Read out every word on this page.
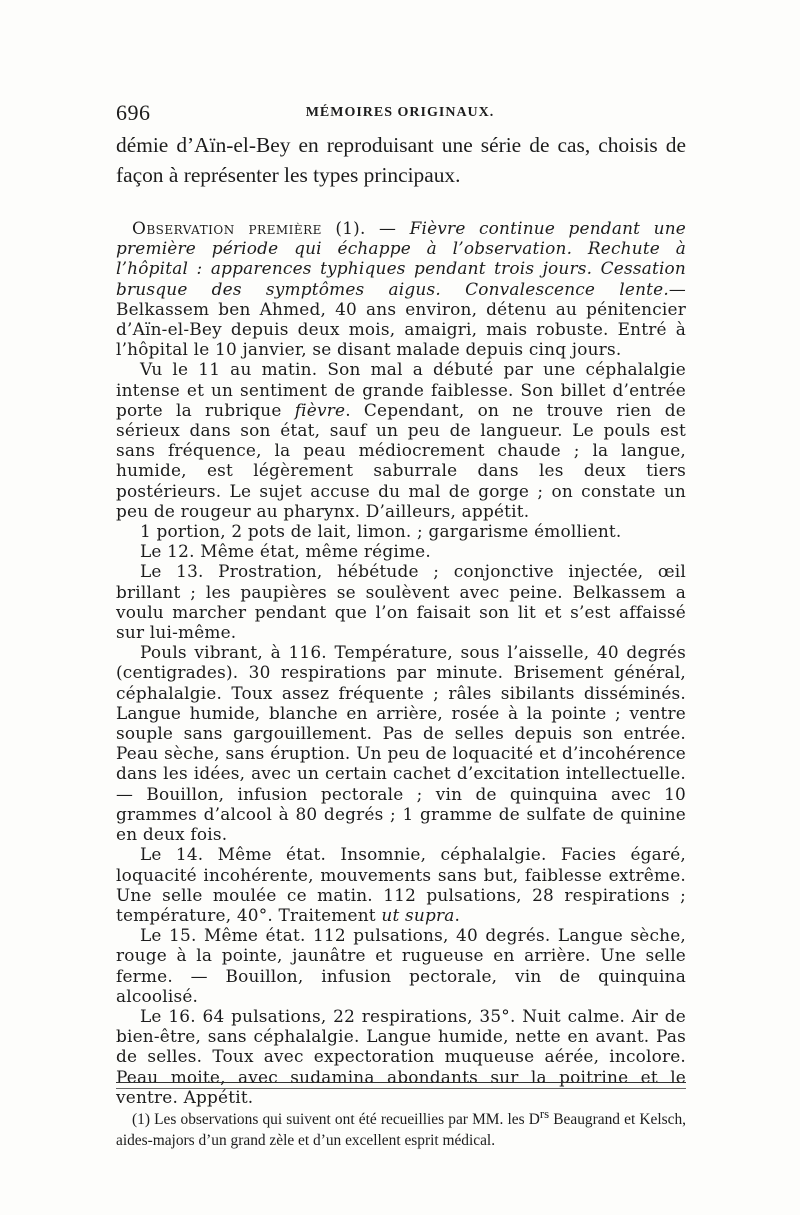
696	MÉMOIRES ORIGINAUX.

démie d’Aïn-el-Bey en reproduisant une série de cas, choisis de façon à représenter les types principaux.

Observation première (1). — Fièvre continue pendant une première période qui échappe à l’observation. Rechute à l’hôpital : apparences typhiques pendant trois jours. Cessation brusque des symptômes aigus. Convalescence lente.— Belkassem ben Ahmed, 40 ans environ, détenu au pénitencier d’Aïn-el-Bey depuis deux mois, amaigri, mais robuste. Entré à l’hôpital le 10 janvier, se disant malade depuis cinq jours.

Vu le 11 au matin. Son mal a débuté par une céphalalgie intense et un sentiment de grande faiblesse. Son billet d’entrée porte la rubrique fièvre. Cependant, on ne trouve rien de sérieux dans son état, sauf un peu de langueur. Le pouls est sans fréquence, la peau médiocrement chaude ; la langue, humide, est légèrement saburrale dans les deux tiers postérieurs. Le sujet accuse du mal de gorge ; on constate un peu de rougeur au pharynx. D’ailleurs, appétit.

1 portion, 2 pots de lait, limon. ; gargarisme émollient.

Le 12. Même état, même régime.

Le 13. Prostration, hébétude ; conjonctive injectée, œil brillant ; les paupières se soulèvent avec peine. Belkassem a voulu marcher pendant que l’on faisait son lit et s’est affaissé sur lui-même.

Pouls vibrant, à 116. Température, sous l’aisselle, 40 degrés (centigrades). 30 respirations par minute. Brisement général, céphalalgie. Toux assez fréquente ; râles sibilants disséminés. Langue humide, blanche en arrière, rosée à la pointe ; ventre souple sans gargouillement. Pas de selles depuis son entrée. Peau sèche, sans éruption. Un peu de loquacité et d’incohérence dans les idées, avec un certain cachet d’excitation intellectuelle. — Bouillon, infusion pectorale ; vin de quinquina avec 10 grammes d’alcool à 80 degrés ; 1 gramme de sulfate de quinine en deux fois.

Le 14. Même état. Insomnie, céphalalgie. Facies égaré, loquacité incohérente, mouvements sans but, faiblesse extrême. Une selle moulée ce matin. 112 pulsations, 28 respirations ; température, 40°. Traitement ut supra.

Le 15. Même état. 112 pulsations, 40 degrés. Langue sèche, rouge à la pointe, jaunâtre et rugueuse en arrière. Une selle ferme. — Bouillon, infusion pectorale, vin de quinquina alcoolisé.

Le 16. 64 pulsations, 22 respirations, 35°. Nuit calme. Air de bien-être, sans céphalalgie. Langue humide, nette en avant. Pas de selles. Toux avec expectoration muqueuse aérée, incolore. Peau moite, avec sudamina abondants sur la poitrine et le ventre. Appétit.

(1) Les observations qui suivent ont été recueillies par MM. les $D^{rs}$ Beaugrand et Kelsch, aides-majors d’un grand zèle et d’un excellent esprit médical.
